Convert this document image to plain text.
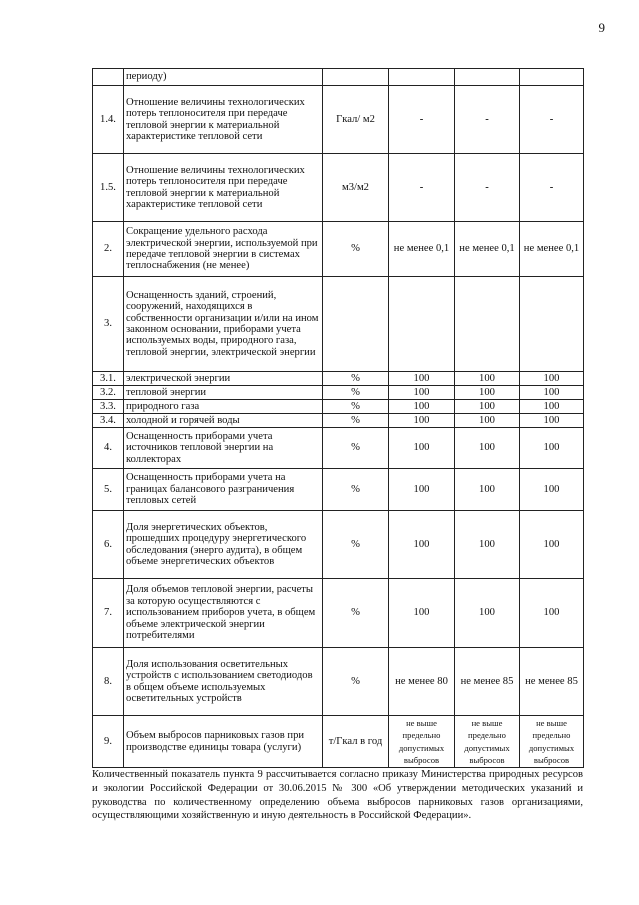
9
	периоду)				
1.4.	Отношение величины технологических потерь теплоносителя при передаче тепловой энергии к материальной характеристике тепловой сети	Гкал/ м2	-	-	-
1.5.	Отношение величины технологических потерь теплоносителя при передаче тепловой энергии к материальной характеристике тепловой сети	м3/м2	-	-	-
2.	Сокращение удельного расхода электрической энергии, используемой при передаче тепловой энергии в системах теплоснабжения (не менее)	%	не менее 0,1	не менее 0,1	не менее 0,1
3.	Оснащенность зданий, строений, сооружений, находящихся в собственности организации и/или на ином законном основании, приборами учета используемых воды, природного газа, тепловой энергии, электрической энергии				
3.1.	электрической энергии	%	100	100	100
3.2.	тепловой энергии	%	100	100	100
3.3.	природного газа	%	100	100	100
3.4.	холодной и горячей воды	%	100	100	100
4.	Оснащенность приборами учета источников тепловой энергии на коллекторах	%	100	100	100
5.	Оснащенность приборами учета на границах балансового разграничения тепловых сетей	%	100	100	100
6.	Доля энергетических объектов, прошедших процедуру энергетического обследования (энерго аудита), в общем объеме энергетических объектов	%	100	100	100
7.	Доля объемов тепловой энергии, расчеты за которую осуществляются с использованием приборов учета, в общем объеме электрической энергии потребителями	%	100	100	100
8.	Доля использования осветительных устройств с использованием светодиодов в общем объеме используемых осветительных устройств	%	не менее 80	не менее 85	не менее 85
9.	Объем выбросов парниковых газов при производстве единицы товара (услуги)	т/Гкал в год	не выше предельно допустимых выбросов	не выше предельно допустимых выбросов	не выше предельно допустимых выбросов
Количественный показатель пункта 9 рассчитывается согласно приказу Министерства природных ресурсов и экологии Российской Федерации от 30.06.2015 № 300 «Об утверждении методических указаний и руководства по количественному определению объема выбросов парниковых газов организациями, осуществляющими хозяйственную и иную деятельность в Российской Федерации».
